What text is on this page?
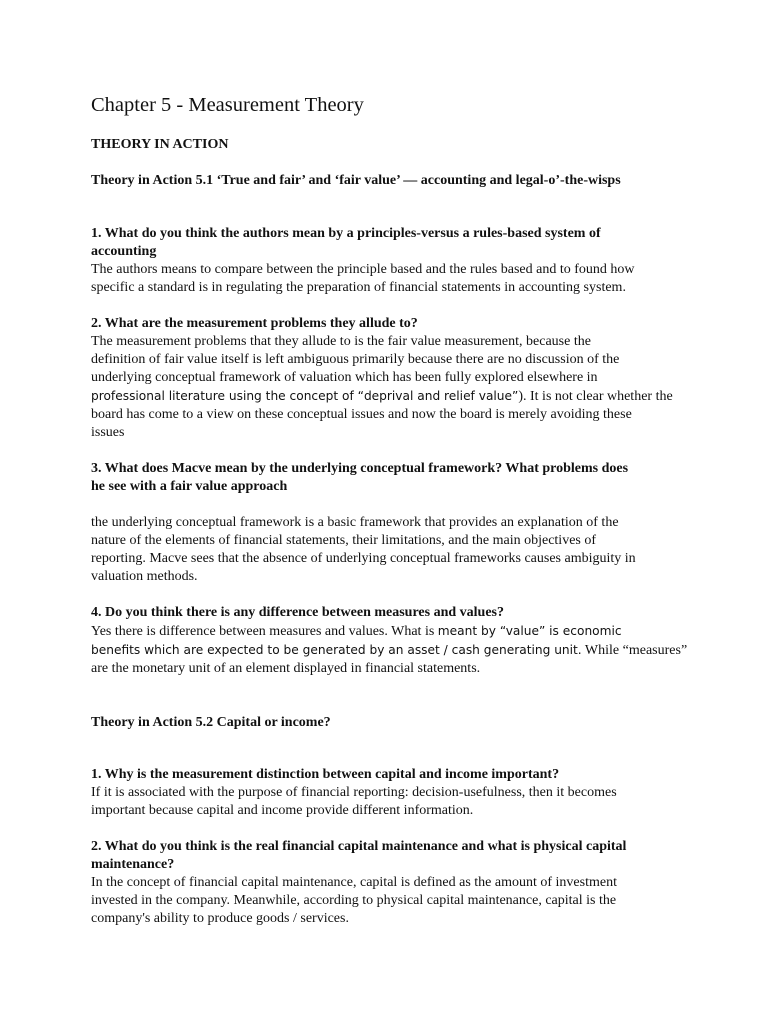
Chapter 5 - Measurement Theory

THEORY IN ACTION

Theory in Action 5.1 ‘True and fair’ and ‘fair value’ — accounting and legal-o’-the-wisps

1. What do you think the authors mean by a principles-versus a rules-based system of

accounting

The authors means to compare between the principle based and the rules based and to found how

specific a standard is in regulating the preparation of financial statements in accounting system.

2. What are the measurement problems they allude to?

The measurement problems that they allude to is the fair value measurement, because the

definition of fair value itself is left ambiguous primarily because there are no discussion of the

underlying conceptual framework of valuation which has been fully explored elsewhere in

professional literature using the concept of “deprival and relief value”). It is not clear whether the

board has come to a view on these conceptual issues and now the board is merely avoiding these

issues

3. What does Macve mean by the underlying conceptual framework? What problems does

he see with a fair value approach

the underlying conceptual framework is a basic framework that provides an explanation of the

nature of the elements of financial statements, their limitations, and the main objectives of

reporting. Macve sees that the absence of underlying conceptual frameworks causes ambiguity in

valuation methods.

4. Do you think there is any difference between measures and values?

Yes there is difference between measures and values. What is meant by “value” is economic

benefits which are expected to be generated by an asset / cash generating unit. While “measures”

are the monetary unit of an element displayed in financial statements.

Theory in Action 5.2 Capital or income?

1. Why is the measurement distinction between capital and income important?

If it is associated with the purpose of financial reporting: decision-usefulness, then it becomes

important because capital and income provide different information.

2. What do you think is the real financial capital maintenance and what is physical capital

maintenance?

In the concept of financial capital maintenance, capital is defined as the amount of investment

invested in the company. Meanwhile, according to physical capital maintenance, capital is the

company's ability to produce goods / services.
